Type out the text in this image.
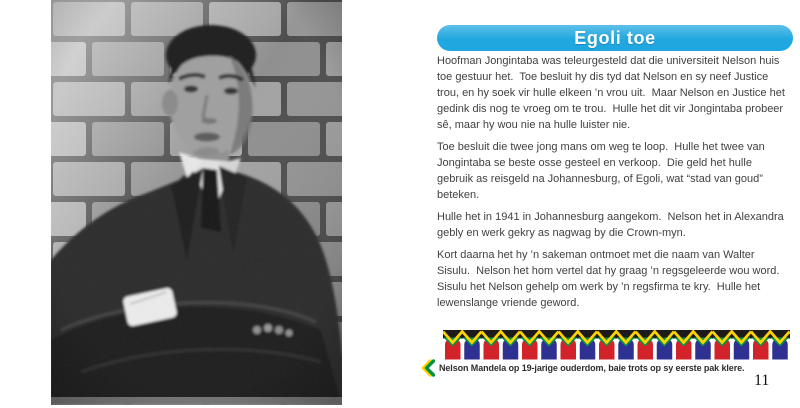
Egoli toe

Hoofman Jongintaba was teleurgesteld dat die universiteit Nelson huis toe gestuur het.  Toe besluit hy dis tyd dat Nelson en sy neef Justice trou, en hy soek vir hulle elkeen ’n vrou uit.  Maar Nelson en Justice het gedink dis nog te vroeg om te trou.  Hulle het dit vir Jongintaba probeer sê, maar hy wou nie na hulle luister nie.

Toe besluit die twee jong mans om weg te loop.  Hulle het twee van Jongintaba se beste osse gesteel en verkoop.  Die geld het hulle gebruik as reisgeld na Johannesburg, of Egoli, wat “stad van goud” beteken.

Hulle het in 1941 in Johannesburg aangekom.  Nelson het in Alexandra gebly en werk gekry as nagwag by die Crown-myn.

Kort daarna het hy ’n sakeman ontmoet met die naam van Walter Sisulu.  Nelson het hom vertel dat hy graag ’n regsgeleerde wou word.  Sisulu het Nelson gehelp om werk by ’n regsfirma te kry.  Hulle het lewenslange vriende geword.

Nelson Mandela op 19-jarige ouderdom, baie trots op sy eerste pak klere.
11
